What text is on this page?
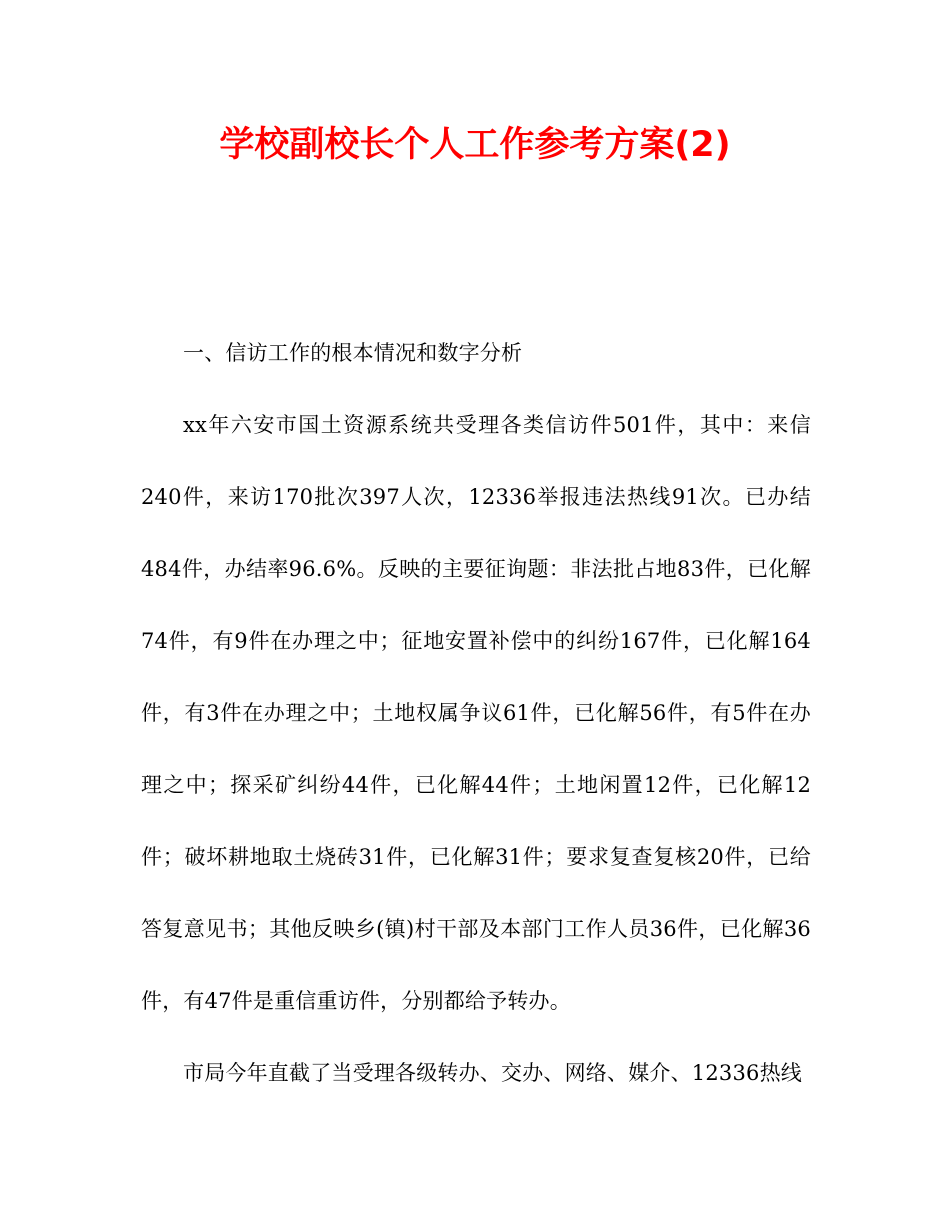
学校副校长个人工作参考方案(2)

一、信访工作的根本情况和数字分析

xx年六安市国土资源系统共受理各类信访件501件，其中：来信240件，来访170批次397人次，12336举报违法热线91次。已办结484件，办结率96.6%。反映的主要征询题：非法批占地83件，已化解74件，有9件在办理之中；征地安置补偿中的纠纷167件，已化解164件，有3件在办理之中；土地权属争议61件，已化解56件，有5件在办理之中；探采矿纠纷44件，已化解44件；土地闲置12件，已化解12件；破坏耕地取土烧砖31件，已化解31件；要求复查复核20件，已给答复意见书；其他反映乡(镇)村干部及本部门工作人员36件，已化解36件，有47件是重信重访件，分别都给予转办。

市局今年直截了当受理各级转办、交办、网络、媒介、12336热线
